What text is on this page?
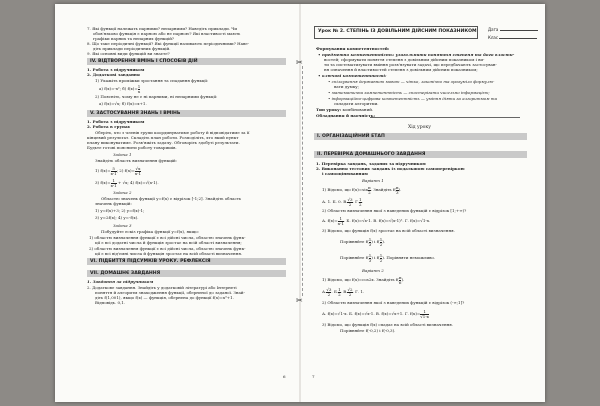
7. Які функції належать парними? непарними? Наведіть приклади. Чи
обов'язково функція є парною або не парною? Які властивості мають
графіки парних та непарних функцій?
8. Що таке періодичні функції? Які функції називають періодичними? Наве-
діть приклади періодичних функцій.
9. Які основні види функцій ви знаєте?
IV. ВІДТВОРЕННЯ ВМІНЬ І СПОСОБІВ ДІЙ
1. Робота з підручником
2. Додаткові завдання
1) Укажіть проміжки зростання та спадання функції:
а) f(x)=-x²; б) $f(x)= \frac{1}{x}$
2) Поясніть, чому не є ні парними, ні непарними функції:
а) f(x)=√x; б) f(x)=x+1.
V. ЗАСТОСУВАННЯ ЗНАНЬ І ВМІНЬ
1. Робота з підручником
2. Робота в групах
Оберіть, хто з членів групи координуватиме роботу й відповідатиме за її
кінцевий результат. Складіть план роботи. Розподіліть, хто який пункт
плану виконуватиме. Розв'яжіть задачу. Обговоріть здобуті результати.
Будьте готові пояснити роботу товаришів.
Задача 1
Знайдіть область визначення функцій:
1) $f(x)= \frac{5}{x-1}$ ; 2) $f(x)= \frac{√x}{x-1}$
3) $f(x)= \frac{1}{x-1} + √x$; 4) f(x)=√(x-1).
Задача 2
Областю значень функції y=f(x) є відрізок [-1;2]. Знайдіть область
значень функцій:
1) y=f(x)+3; 2) y=f(x)-1;
3) y=2f(x); 4) y=-f(x).
Задача 3
Побудуйте ескіз графіка функції y=f(x), якщо:
1) областю визначення функції є всі дійсні числа, областю значень функ-
ції є всі додатні числа й функція зростає на всій області визначення;
2) областю визначення функції є всі дійсні числа, областю значень функ-
ції є всі від'ємні числа й функція зростає на всій області визначення.
VI. ПІДБИТТЯ ПІДСУМКІВ УРОКУ. РЕФЛЕКСІЯ
VII. ДОМАШНЄ ЗАВДАННЯ
1. Завдання за підручником
2. Додаткове завдання. Знайдіть у додатковій літературі або Інтернеті
поняття й алгоритм знаходження функції, оберненої до заданої. Знай-
діть f(1,001), якщо f(x) — функція, обернена до функції f(x)=x³+1.
Відповідь. 0,1.
6
✂
✂
Урок № 2. СТЕПІНЬ ІЗ ДОВІЛЬНИМ ДІЙСНИМ ПОКАЗНИКОМ	Дата
Клас
Формування компетентностей:
• предметна компетентність: узагальнити поняття степеня та його власти-
востей; сформувати поняття степеня з довільним дійсним показником і ви-
ти та систематизувати вміння розв'язувати задачі, що передбачають застосуван-
ня означення й властивостей степеня з довільним дійсним показником;
• ключові компетентності:
• спілкування державною мовою — чітко, лаконічно та зрозуміло формулю-
вати думку;
• математична компетентність — спостерігати чисельно інформацією;
• інформаційно-цифрова компетентність — уміння діяти за алгоритмом та
складати алгоритми.
Тип уроку: комбінований.
Обладнання й наочність:
Хід уроку
I. ОРГАНІЗАЦІЙНИЙ ЕТАП
II. ПЕРЕВІРКА ДОМАШНЬОГО ЗАВДАННЯ
1. Перевірка завдань, заданих за підручником
2. Виконання тестових завдань із подальшою самоперевіркою
і самооцінюванням
Варіант 1
1) Відомо, що $f(x)=\sin \frac{\pi}{2}$ . Знайдіть $f( \frac{\pi}{3}$ ).
А. 1. Б. 0. В. $\frac{√3}{2}$ . Г. $\frac{1}{2}$ .
2) Областю визначення якої з наведених функцій є відрізок [1;+∞)?
А. $f(x)= \frac{1}{x-1}$ . Б. f(x)=√x-1. В. f(x)=√(x-1)². Г. f(x)=√1-x.
3) Відомо, що функція f(x) зростає на всій області визначення.
Порівняйте $f( \frac{1}{3}$ ) і $f( \frac{1}{2}$ ).
Порівняйте $f( \frac{1}{3}$ ) і $f( \frac{1}{2}$ ). Порівняти неможливо.
Варіант 2
1) Відомо, що f(x)=cos2x. Знайдіть $f( \frac{\pi}{6}$ ).
А. $\frac{√3}{2}$ . Б. $\frac{1}{2}$ . В. $\frac{√2}{2}$ . Г. 1.
2) Областю визначення якої з наведених функцій є відрізок (-∞;1]?
А. f(x)=√1-x. Б. f(x)=√x-1. В. f(x)=√x+1. Г. $f(x)= \frac{1}{√1-x}$
3) Відомо, що функція f(x) спадає на всій області визначення.
Порівняйте f(-0,2) і f(-0,3).
7
